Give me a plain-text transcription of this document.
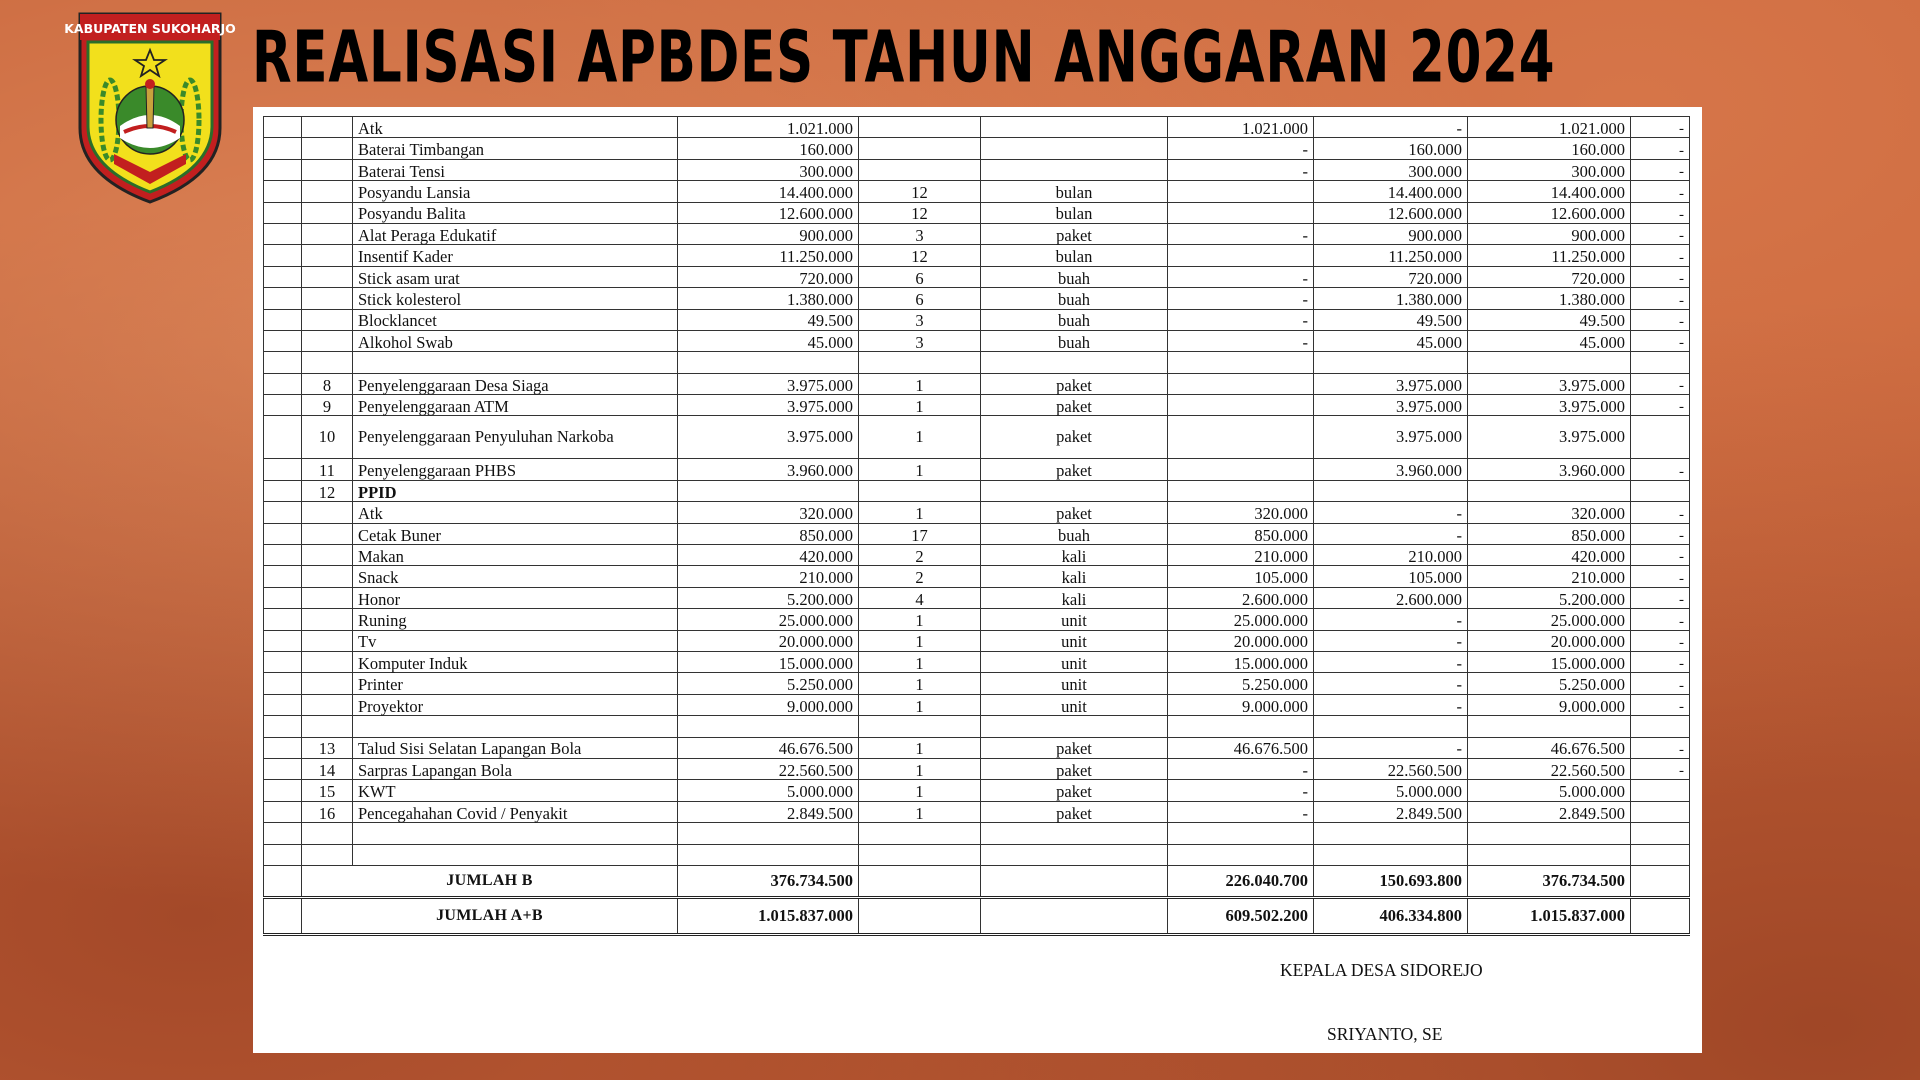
KABUPATEN SUKOHARJO REALISASI APBDES TAHUN ANGGARAN 2024
		Atk	1.021.000			1.021.000	-	1.021.000	-
		Baterai Timbangan	160.000			-	160.000	160.000	-
		Baterai Tensi	300.000			-	300.000	300.000	-
		Posyandu Lansia	14.400.000	12	bulan		14.400.000	14.400.000	-
		Posyandu Balita	12.600.000	12	bulan		12.600.000	12.600.000	-
		Alat Peraga Edukatif	900.000	3	paket	-	900.000	900.000	-
		Insentif Kader	11.250.000	12	bulan		11.250.000	11.250.000	-
		Stick asam urat	720.000	6	buah	-	720.000	720.000	-
		Stick kolesterol	1.380.000	6	buah	-	1.380.000	1.380.000	-
		Blocklancet	49.500	3	buah	-	49.500	49.500	-
		Alkohol Swab	45.000	3	buah	-	45.000	45.000	-

	8	Penyelenggaraan Desa Siaga	3.975.000	1	paket		3.975.000	3.975.000	-
	9	Penyelenggaraan ATM	3.975.000	1	paket		3.975.000	3.975.000	-
	10	Penyelenggaraan Penyuluhan Narkoba	3.975.000	1	paket		3.975.000	3.975.000	
	11	Penyelenggaraan PHBS	3.960.000	1	paket		3.960.000	3.960.000	-
	12	PPID							
		Atk	320.000	1	paket	320.000	-	320.000	-
		Cetak Buner	850.000	17	buah	850.000	-	850.000	-
		Makan	420.000	2	kali	210.000	210.000	420.000	-
		Snack	210.000	2	kali	105.000	105.000	210.000	-
		Honor	5.200.000	4	kali	2.600.000	2.600.000	5.200.000	-
		Runing	25.000.000	1	unit	25.000.000	-	25.000.000	-
		Tv	20.000.000	1	unit	20.000.000	-	20.000.000	-
		Komputer Induk	15.000.000	1	unit	15.000.000	-	15.000.000	-
		Printer	5.250.000	1	unit	5.250.000	-	5.250.000	-
		Proyektor	9.000.000	1	unit	9.000.000	-	9.000.000	-

	13	Talud Sisi Selatan Lapangan Bola	46.676.500	1	paket	46.676.500	-	46.676.500	-
	14	Sarpras Lapangan Bola	22.560.500	1	paket	-	22.560.500	22.560.500	-
	15	KWT	5.000.000	1	paket	-	5.000.000	5.000.000	
	16	Pencegahahan Covid / Penyakit	2.849.500	1	paket	-	2.849.500	2.849.500	

	JUMLAH B		376.734.500			226.040.700	150.693.800	376.734.500	
	JUMLAH A+B		1.015.837.000			609.502.200	406.334.800	1.015.837.000	
KEPALA DESA SIDOREJO
SRIYANTO, SE
